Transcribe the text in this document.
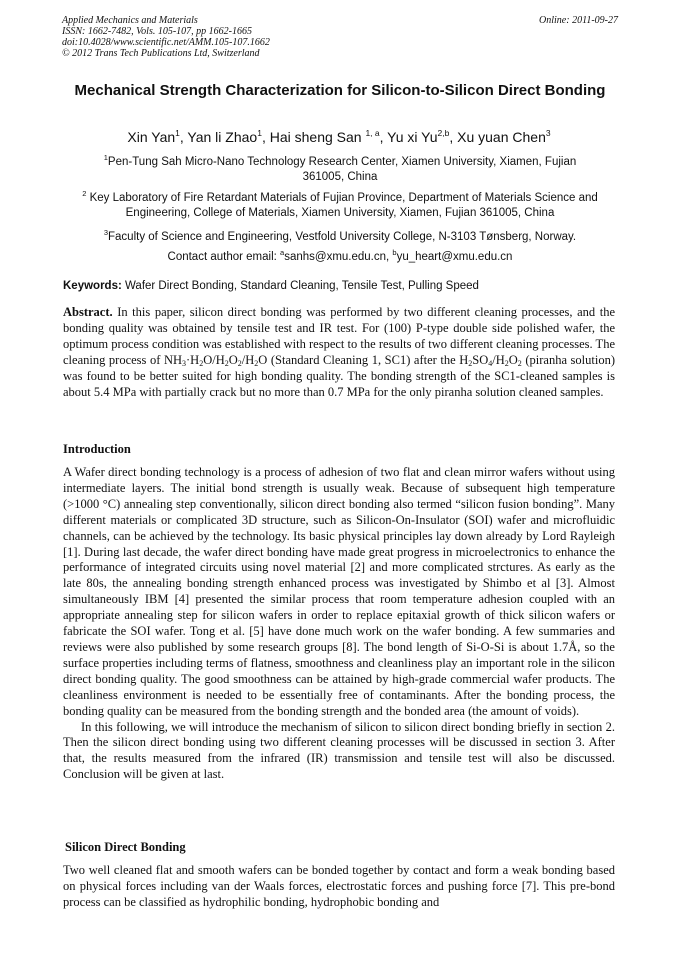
Applied Mechanics and Materials
ISSN: 1662-7482, Vols. 105-107, pp 1662-1665
doi:10.4028/www.scientific.net/AMM.105-107.1662
© 2012 Trans Tech Publications Ltd, Switzerland
Online: 2011-09-27
Mechanical Strength Characterization for Silicon-to-Silicon Direct Bonding
Xin Yan$^1$, Yan li Zhao$^1$, Hai sheng San $^{1, a}$, Yu xi Yu$^{2,b}$, Xu yuan Chen$^3$
$^1$Pen-Tung Sah Micro-Nano Technology Research Center, Xiamen University, Xiamen, Fujian 361005, China
$^2$ Key Laboratory of Fire Retardant Materials of Fujian Province, Department of Materials Science and Engineering, College of Materials, Xiamen University, Xiamen, Fujian 361005, China
$^3$Faculty of Science and Engineering, Vestfold University College, N-3103 Tønsberg, Norway.
Contact author email: $^a$sanhs@xmu.edu.cn, $^b$yu_heart@xmu.edu.cn
Keywords: Wafer Direct Bonding, Standard Cleaning, Tensile Test, Pulling Speed

Abstract. In this paper, silicon direct bonding was performed by two different cleaning processes, and the bonding quality was obtained by tensile test and IR test. For (100) P-type double side polished wafer, the optimum process condition was established with respect to the results of two different cleaning processes. The cleaning process of $NH_3\cdot H_2O/H_2O_2/H_2O$ (Standard Cleaning 1, SC1) after the $H_2SO_4/H_2O_2$ (piranha solution) was found to be better suited for high bonding quality. The bonding strength of the SC1-cleaned samples is about 5.4 MPa with partially crack but no more than 0.7 MPa for the only piranha solution cleaned samples.

Introduction

A Wafer direct bonding technology is a process of adhesion of two flat and clean mirror wafers without using intermediate layers. The initial bond strength is usually weak. Because of subsequent high temperature (>1000 °C) annealing step conventionally, silicon direct bonding also termed “silicon fusion bonding”. Many different materials or complicated 3D structure, such as Silicon-On-Insulator (SOI) wafer and microfluidic channels, can be achieved by the technology. Its basic physical principles lay down already by Lord Rayleigh [1]. During last decade, the wafer direct bonding have made great progress in microelectronics to enhance the performance of integrated circuits using novel material [2] and more complicated strctures. As early as the late 80s, the annealing bonding strength enhanced process was investigated by Shimbo et al [3]. Almost simultaneously IBM [4] presented the similar process that room temperature adhesion coupled with an appropriate annealing step for silicon wafers in order to replace epitaxial growth of thick silicon wafers or fabricate the SOI wafer. Tong et al. [5] have done much work on the wafer bonding. A few summaries and reviews were also published by some research groups [8]. The bond length of Si-O-Si is about 1.7Å, so the surface properties including terms of flatness, smoothness and cleanliness play an important role in the silicon direct bonding quality. The good smoothness can be attained by high-grade commercial wafer products. The cleanliness environment is needed to be essentially free of contaminants. After the bonding process, the bonding quality can be measured from the bonding strength and the bonded area (the amount of voids).

In this following, we will introduce the mechanism of silicon to silicon direct bonding briefly in section 2. Then the silicon direct bonding using two different cleaning processes will be discussed in section 3. After that, the results measured from the infrared (IR) transmission and tensile test will also be discussed. Conclusion will be given at last.

Silicon Direct Bonding

Two well cleaned flat and smooth wafers can be bonded together by contact and form a weak bonding based on physical forces including van der Waals forces, electrostatic forces and pushing force [7]. This pre-bond process can be classified as hydrophilic bonding, hydrophobic bonding and
